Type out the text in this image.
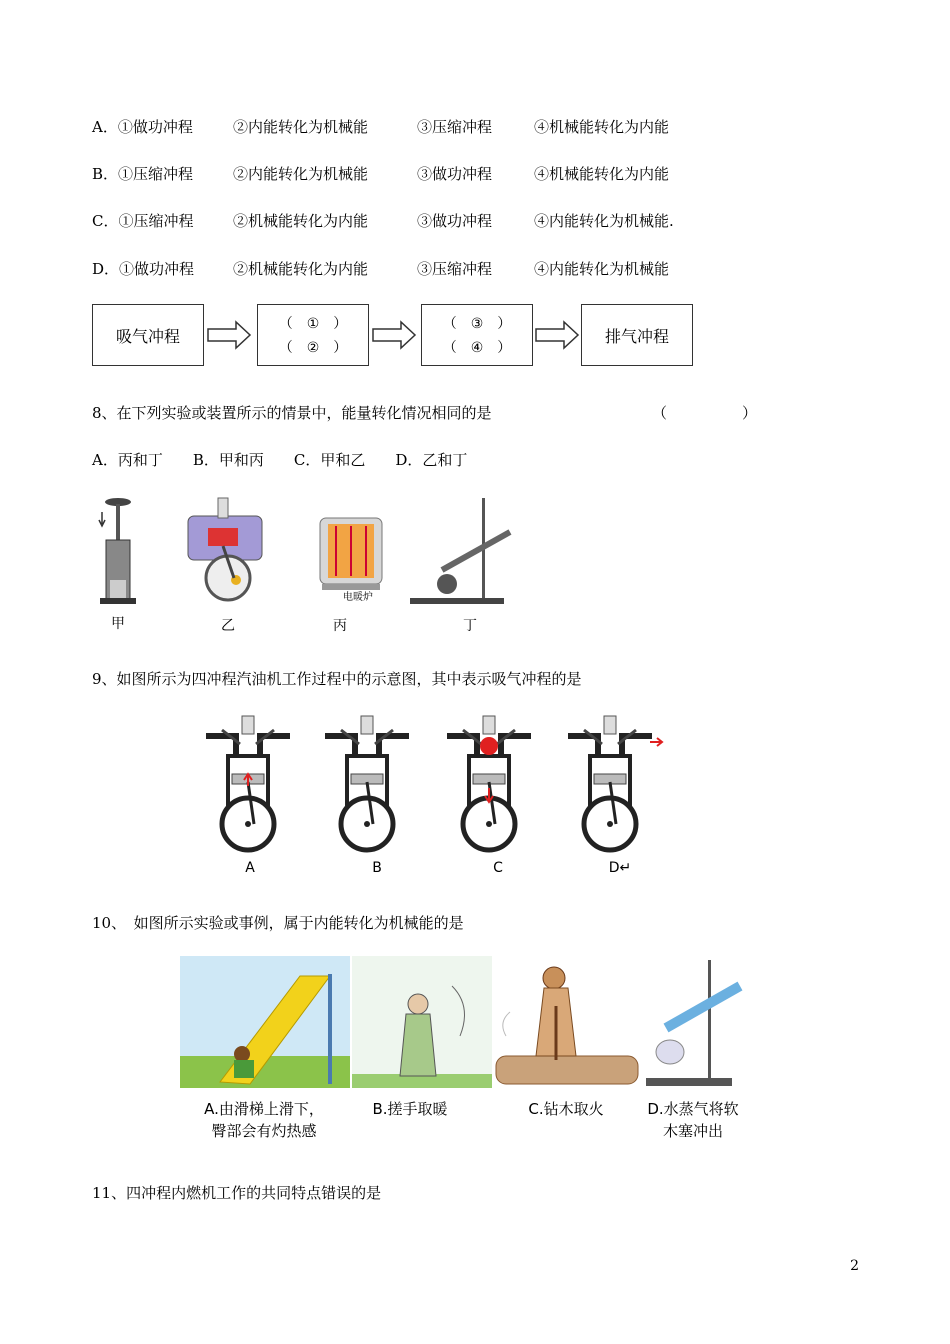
A．①做功冲程	②内能转化为机械能	③压缩冲程	④机械能转化为内能
B．①压缩冲程	②内能转化为机械能	③做功冲程	④机械能转化为内能
C．①压缩冲程	②机械能转化为内能	③做功冲程	④内能转化为机械能.
D．①做功冲程	②机械能转化为内能	③压缩冲程	④内能转化为机械能
吸气冲程
（　①　）
（　②　）
（　③　）
（　④　）
排气冲程
8、在下列实验或装置所示的情景中，能量转化情况相同的是	（　　　　　）
A．丙和丁　　B．甲和丙　　C．甲和乙　　D．乙和丁
电暖炉
甲	乙	丙	丁
9、如图所示为四冲程汽油机工作过程中的示意图，其中表示吸气冲程的是
A	B	C	D↵
10、　如图所示实验或事例，属于内能转化为机械能的是
A.由滑梯上滑下，
臀部会有灼热感
B.搓手取暖	C.钻木取火	D.水蒸气将软
木塞冲出
11、四冲程内燃机工作的共同特点错误的是
2
